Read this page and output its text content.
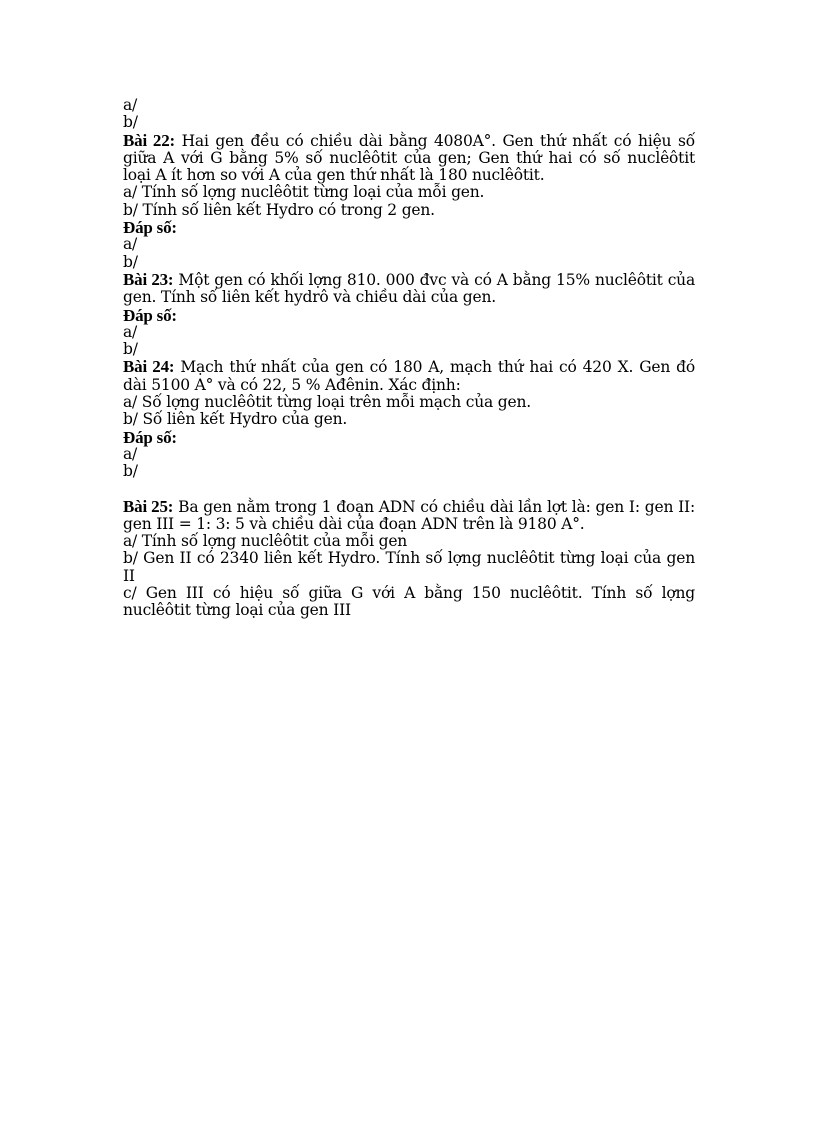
a/
b/
Bài 22: Hai gen đều có chiều dài bằng 4080A°. Gen thứ nhất có hiệu số giữa A với G bằng 5% số nuclêôtit của gen; Gen thứ hai có số nuclêôtit loại A ít hơn so với A của gen thứ nhất là 180 nuclêôtit.
a/ Tính số lợng nuclêôtit từng loại của mỗi gen.
b/ Tính số liên kết Hydro có trong 2 gen.
Đáp số:
a/
b/
Bài 23: Một gen có khối lợng 810. 000 đvc và có A bằng 15% nuclêôtit của gen. Tính số liên kết hydrô và chiều dài của gen.
Đáp số:
a/
b/
Bài 24: Mạch thứ nhất của gen có 180 A, mạch thứ hai có 420 X. Gen đó dài 5100 A° và có 22, 5 % Ađênin. Xác định:
a/ Số lợng nuclêôtit từng loại trên mỗi mạch của gen.
b/ Số liên kết Hydro của gen.
Đáp số:
a/
b/
Bài 25: Ba gen nằm trong 1 đoạn ADN có chiều dài lần lợt là: gen I: gen II: gen III = 1: 3: 5 và chiều dài của đoạn ADN trên là 9180 A°.
a/ Tính số lợng nuclêôtit của mỗi gen
b/ Gen II có 2340 liên kết Hydro. Tính số lợng nuclêôtit từng loại của gen II
c/ Gen III có hiệu số giữa G với A bằng 150 nuclêôtit. Tính số lợng nuclêôtit từng loại của gen III
